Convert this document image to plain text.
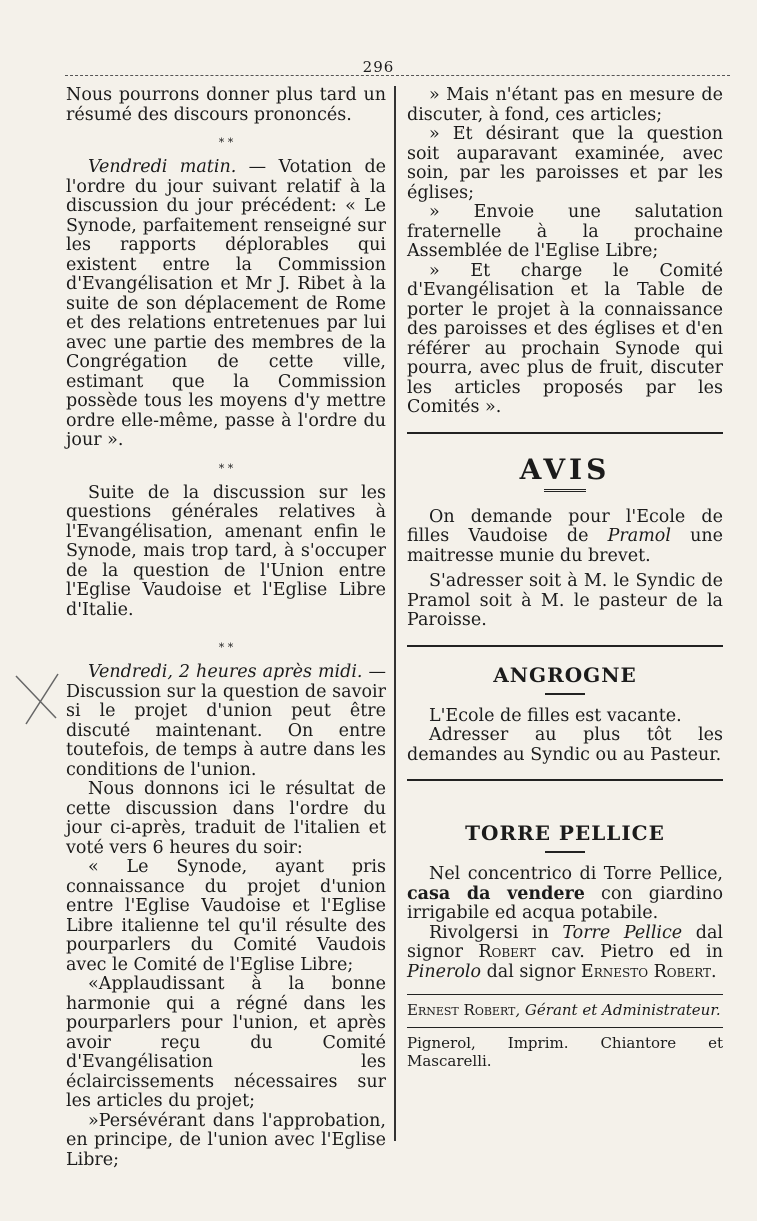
296

Nous pourrons donner plus tard un résumé des discours prononcés.

* *

Vendredi matin. — Votation de l'ordre du jour suivant relatif à la discussion du jour précédent: « Le Synode, parfaitement renseigné sur les rapports déplorables qui existent entre la Commission d'Evangélisation et Mr J. Ribet à la suite de son déplacement de Rome et des relations entretenues par lui avec une partie des membres de la Congrégation de cette ville, estimant que la Commission possède tous les moyens d'y mettre ordre elle-même, passe à l'ordre du jour ».

* *

Suite de la discussion sur les questions générales relatives à l'Evangélisation, amenant enfin le Synode, mais trop tard, à s'occuper de la question de l'Union entre l'Eglise Vaudoise et l'Eglise Libre d'Italie.

* *

Vendredi, 2 heures après midi. — Discussion sur la question de savoir si le projet d'union peut être discuté maintenant. On entre toutefois, de temps à autre dans les conditions de l'union.

Nous donnons ici le résultat de cette discussion dans l'ordre du jour ci-après, traduit de l'italien et voté vers 6 heures du soir:

« Le Synode, ayant pris connaissance du projet d'union entre l'Eglise Vaudoise et l'Eglise Libre italienne tel qu'il résulte des pourparlers du Comité Vaudois avec le Comité de l'Eglise Libre;

«Applaudissant à la bonne harmonie qui a régné dans les pourparlers pour l'union, et après avoir reçu du Comité d'Evangélisation les éclaircissements nécessaires sur les articles du projet;

»Persévérant dans l'approbation, en principe, de l'union avec l'Eglise Libre;

» Mais n'étant pas en mesure de discuter, à fond, ces articles;

» Et désirant que la question soit auparavant examinée, avec soin, par les paroisses et par les églises;

» Envoie une salutation fraternelle à la prochaine Assemblée de l'Eglise Libre;

» Et charge le Comité d'Evangélisation et la Table de porter le projet à la connaissance des paroisses et des églises et d'en référer au prochain Synode qui pourra, avec plus de fruit, discuter les articles proposés par les Comités ».

AVIS

On demande pour l'Ecole de filles Vaudoise de Pramol une maitresse munie du brevet.

S'adresser soit à M. le Syndic de Pramol soit à M. le pasteur de la Paroisse.

ANGROGNE

L'Ecole de filles est vacante.

Adresser au plus tôt les demandes au Syndic ou au Pasteur.

TORRE PELLICE

Nel concentrico di Torre Pellice, casa da vendere con giardino irrigabile ed acqua potabile.

Rivolgersi in Torre Pellice dal signor Robert cav. Pietro ed in Pinerolo dal signor Ernesto Robert.

Ernest Robert, Gérant et Administrateur.

Pignerol, Imprim. Chiantore et Mascarelli.
